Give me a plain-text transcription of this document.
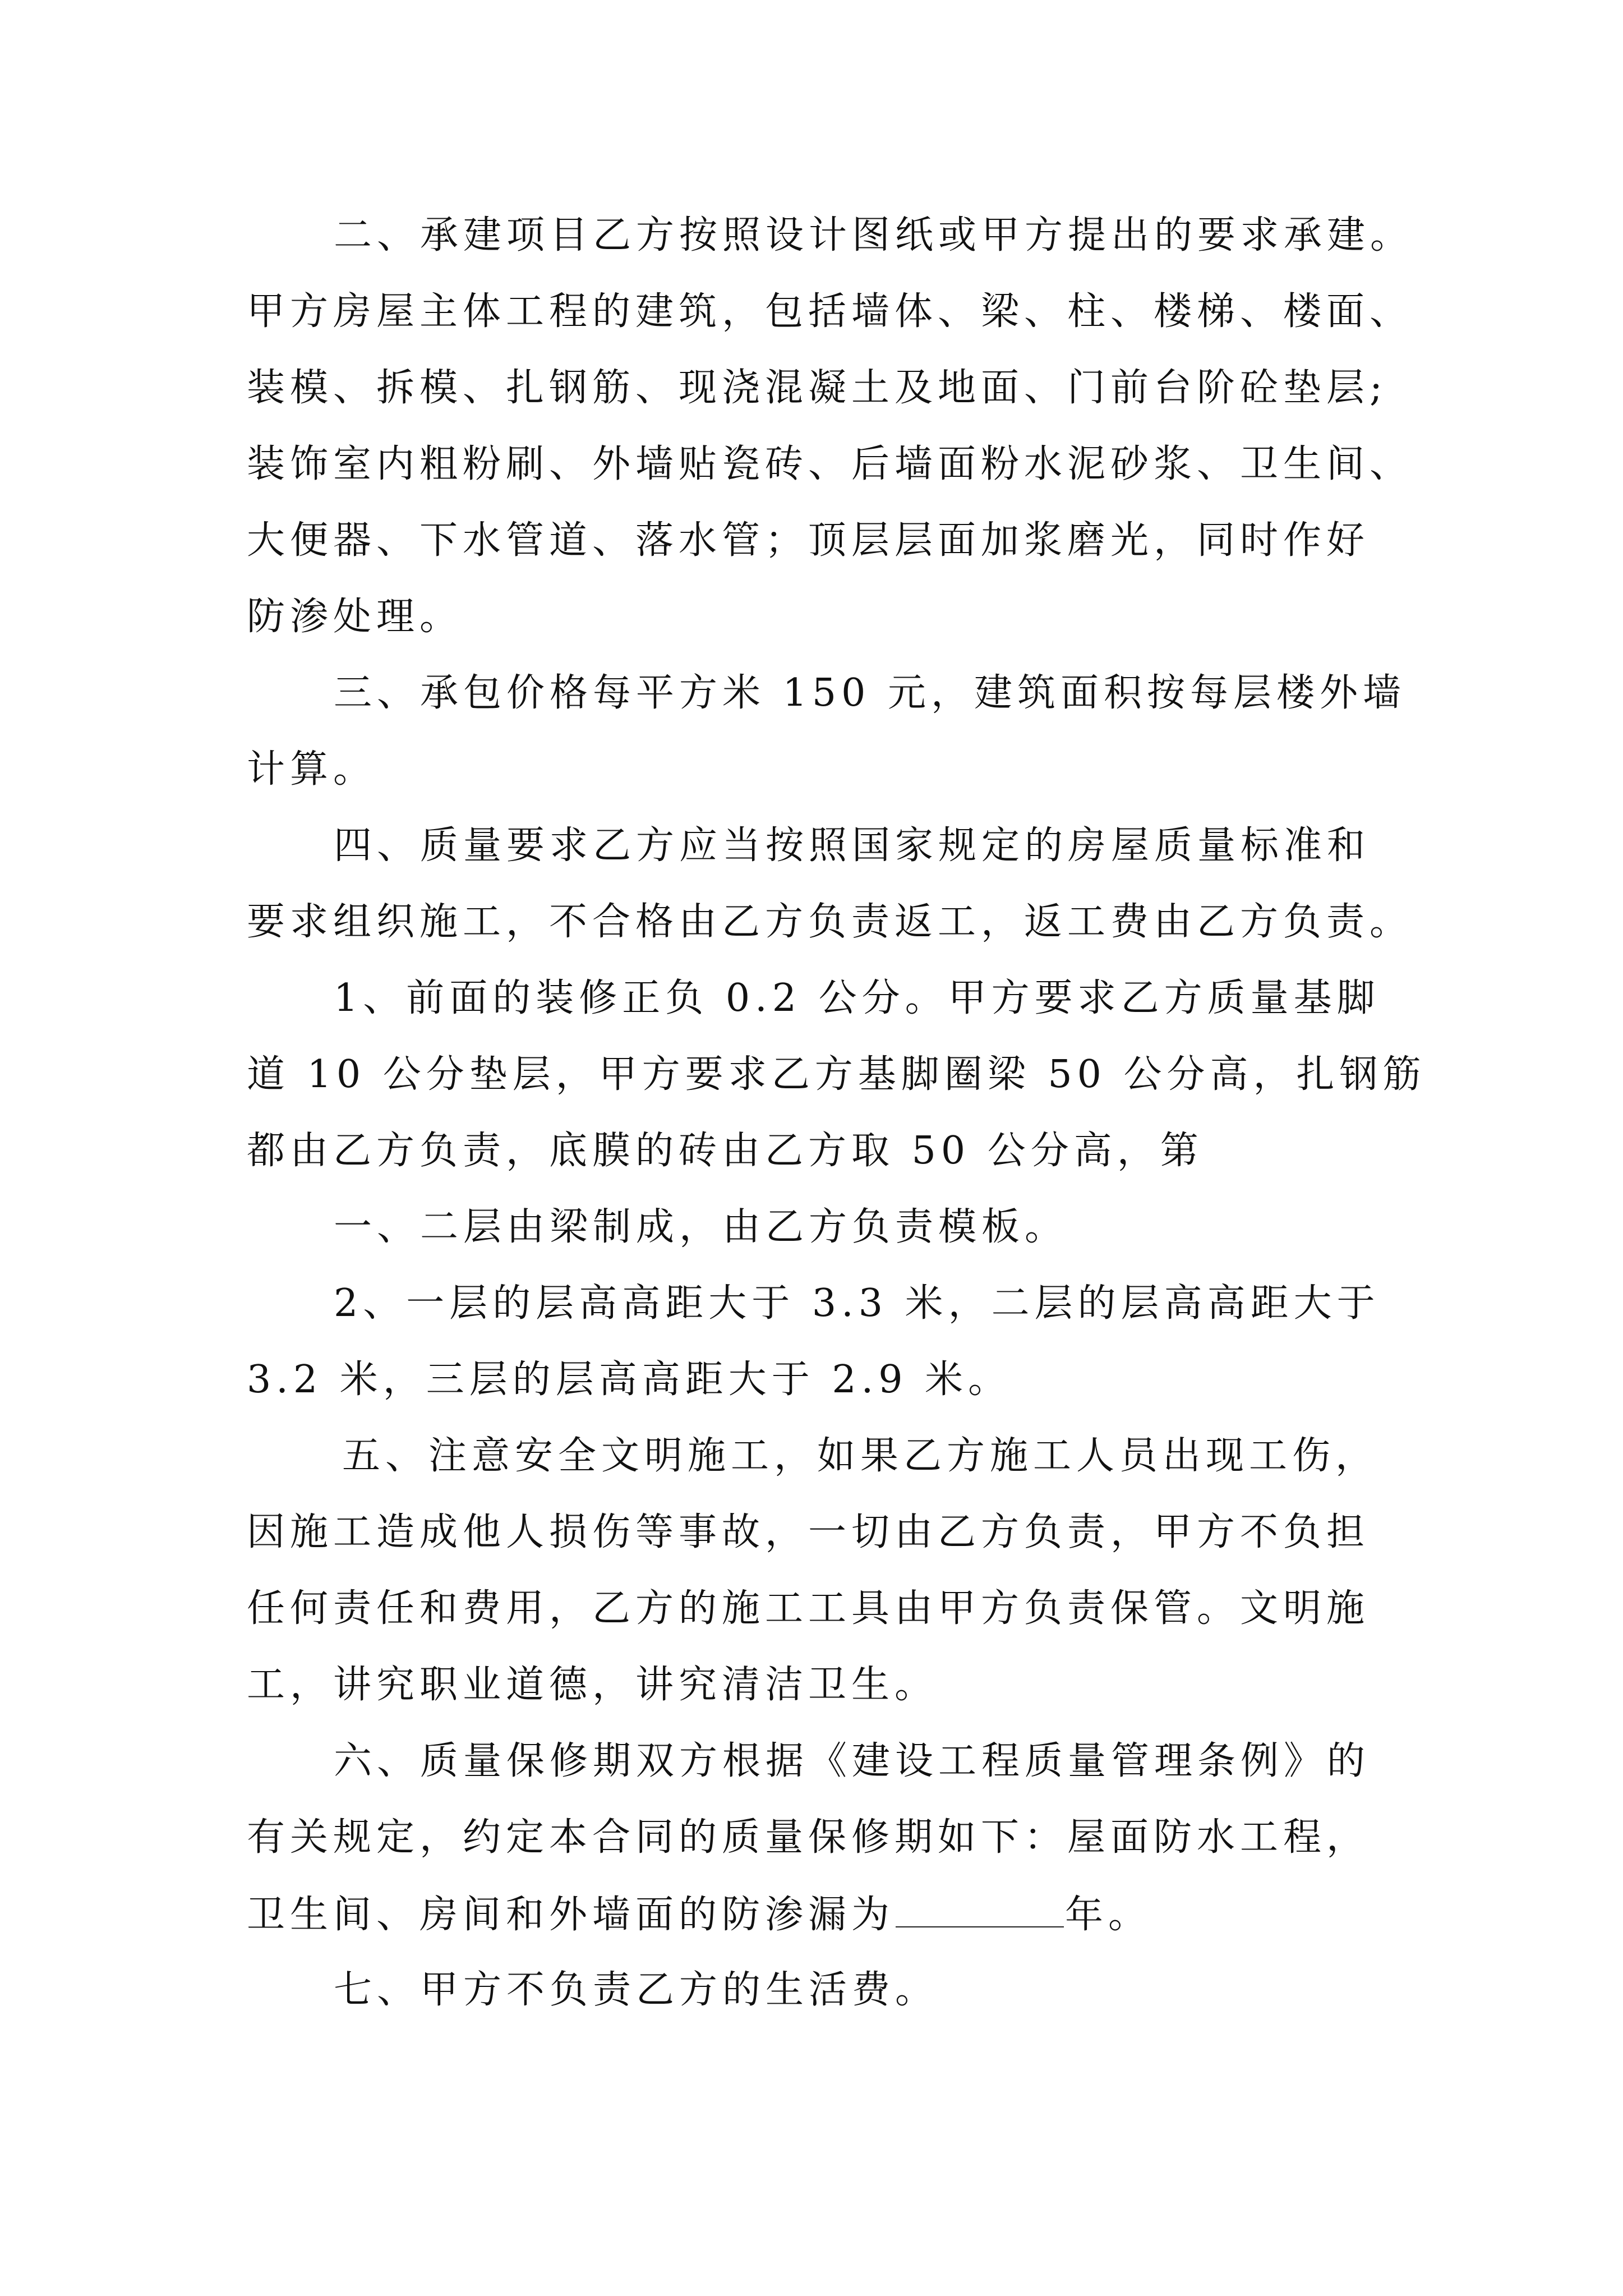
二、承建项目乙方按照设计图纸或甲方提出的要求承建。
甲方房屋主体工程的建筑，包括墙体、梁、柱、楼梯、楼面、
装模、拆模、扎钢筋、现浇混凝土及地面、门前台阶砼垫层;
装饰室内粗粉刷、外墙贴瓷砖、后墙面粉水泥砂浆、卫生间、
大便器、下水管道、落水管；顶层层面加浆磨光，同时作好
防渗处理。
三、承包价格每平方米 150 元，建筑面积按每层楼外墙
计算。
四、质量要求乙方应当按照国家规定的房屋质量标准和
要求组织施工，不合格由乙方负责返工，返工费由乙方负责。
1、前面的装修正负 0.2 公分。甲方要求乙方质量基脚
道 10 公分垫层，甲方要求乙方基脚圈梁 50 公分高，扎钢筋
都由乙方负责，底膜的砖由乙方取 50 公分高，第
一、二层由梁制成，由乙方负责模板。
2、一层的层高高距大于 3.3 米，二层的层高高距大于
3.2 米，三层的层高高距大于 2.9 米。
五、注意安全文明施工，如果乙方施工人员出现工伤，
因施工造成他人损伤等事故，一切由乙方负责，甲方不负担
任何责任和费用，乙方的施工工具由甲方负责保管。文明施
工，讲究职业道德，讲究清洁卫生。
六、质量保修期双方根据《建设工程质量管理条例》的
有关规定，约定本合同的质量保修期如下：屋面防水工程，
卫生间、房间和外墙面的防渗漏为	年。
七、甲方不负责乙方的生活费。
